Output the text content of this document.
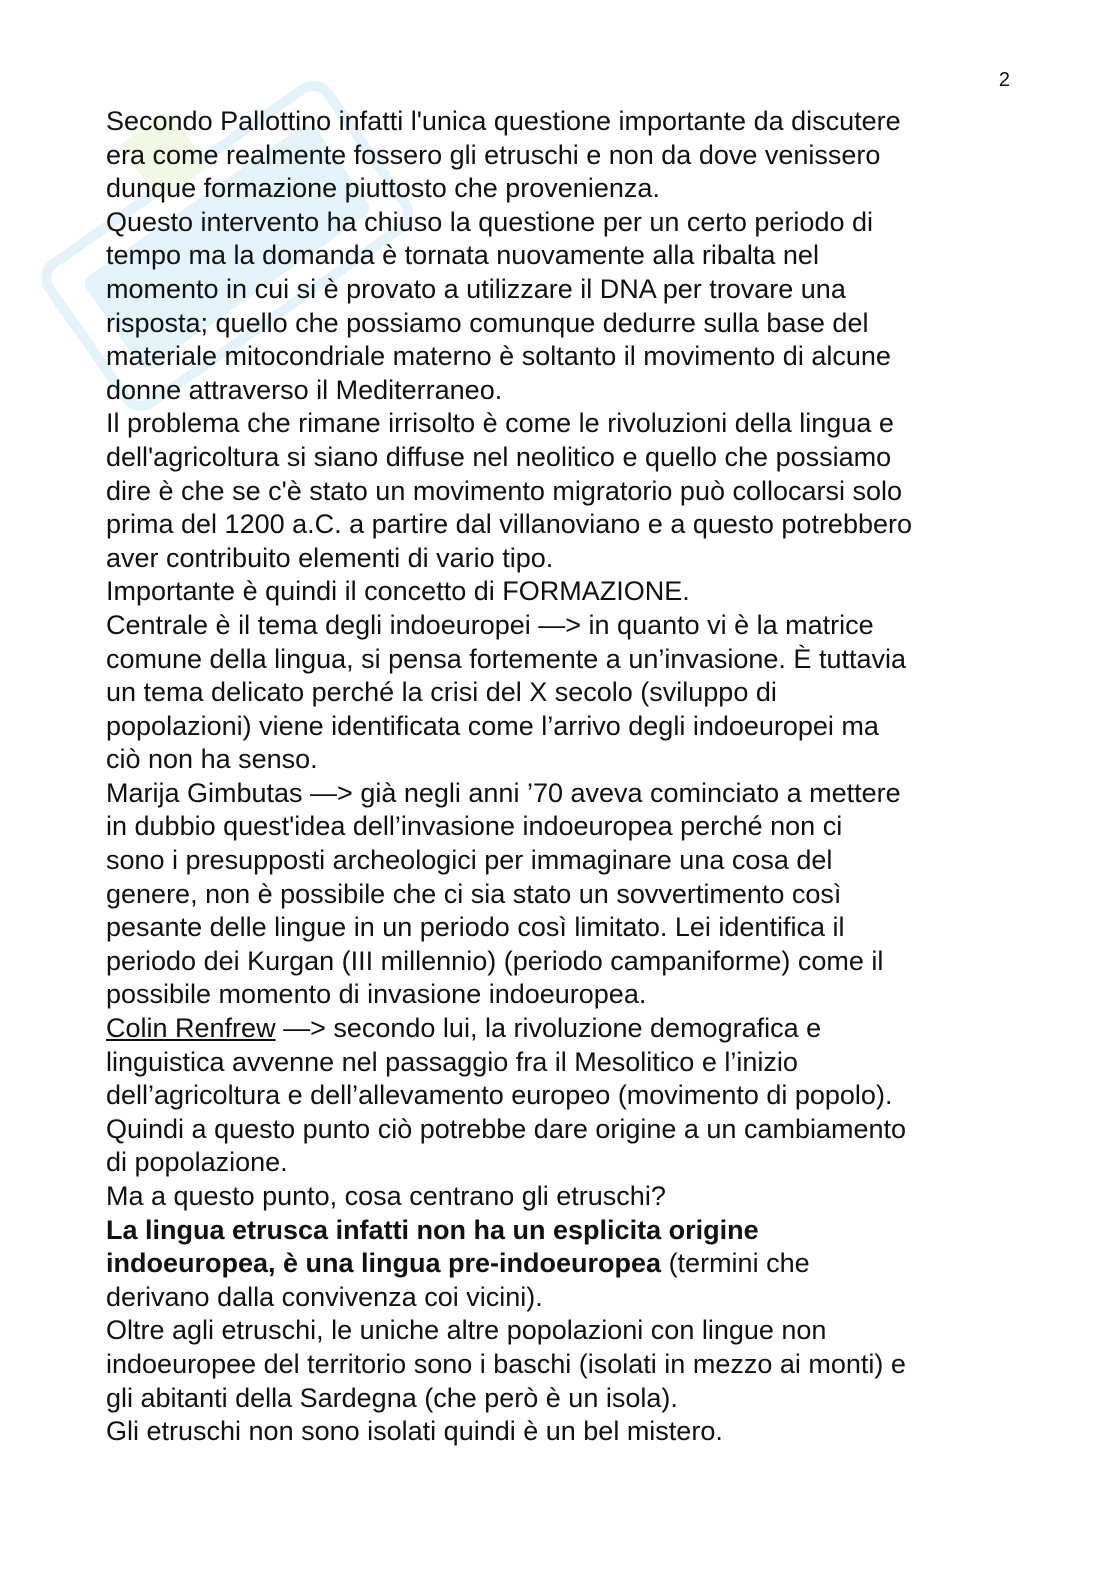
2
Secondo Pallottino infatti l'unica questione importante da discutere
era come realmente fossero gli etruschi e non da dove venissero
dunque formazione piuttosto che provenienza.
Questo intervento ha chiuso la questione per un certo periodo di
tempo ma la domanda è tornata nuovamente alla ribalta nel
momento in cui si è provato a utilizzare il DNA per trovare una
risposta; quello che possiamo comunque dedurre sulla base del
materiale mitocondriale materno è soltanto il movimento di alcune
donne attraverso il Mediterraneo.
Il problema che rimane irrisolto è come le rivoluzioni della lingua e
dell'agricoltura si siano diffuse nel neolitico e quello che possiamo
dire è che se c'è stato un movimento migratorio può collocarsi solo
prima del 1200 a.C. a partire dal villanoviano e a questo potrebbero
aver contribuito elementi di vario tipo.
Importante è quindi il concetto di FORMAZIONE.
Centrale è il tema degli indoeuropei —> in quanto vi è la matrice
comune della lingua, si pensa fortemente a un’invasione. È tuttavia
un tema delicato perché la crisi del X secolo (sviluppo di
popolazioni) viene identificata come l’arrivo degli indoeuropei ma
ciò non ha senso.
Marija Gimbutas —> già negli anni ’70 aveva cominciato a mettere
in dubbio quest'idea dell’invasione indoeuropea perché non ci
sono i presupposti archeologici per immaginare una cosa del
genere, non è possibile che ci sia stato un sovvertimento così
pesante delle lingue in un periodo così limitato. Lei identifica il
periodo dei Kurgan (III millennio) (periodo campaniforme) come il
possibile momento di invasione indoeuropea.
Colin Renfrew —> secondo lui, la rivoluzione demografica e
linguistica avvenne nel passaggio fra il Mesolitico e l’inizio
dell’agricoltura e dell’allevamento europeo (movimento di popolo).
Quindi a questo punto ciò potrebbe dare origine a un cambiamento
di popolazione.
Ma a questo punto, cosa centrano gli etruschi?
La lingua etrusca infatti non ha un esplicita origine
indoeuropea, è una lingua pre-indoeuropea (termini che
derivano dalla convivenza coi vicini).
Oltre agli etruschi, le uniche altre popolazioni con lingue non
indoeuropee del territorio sono i baschi (isolati in mezzo ai monti) e
gli abitanti della Sardegna (che però è un isola).
Gli etruschi non sono isolati quindi è un bel mistero.
